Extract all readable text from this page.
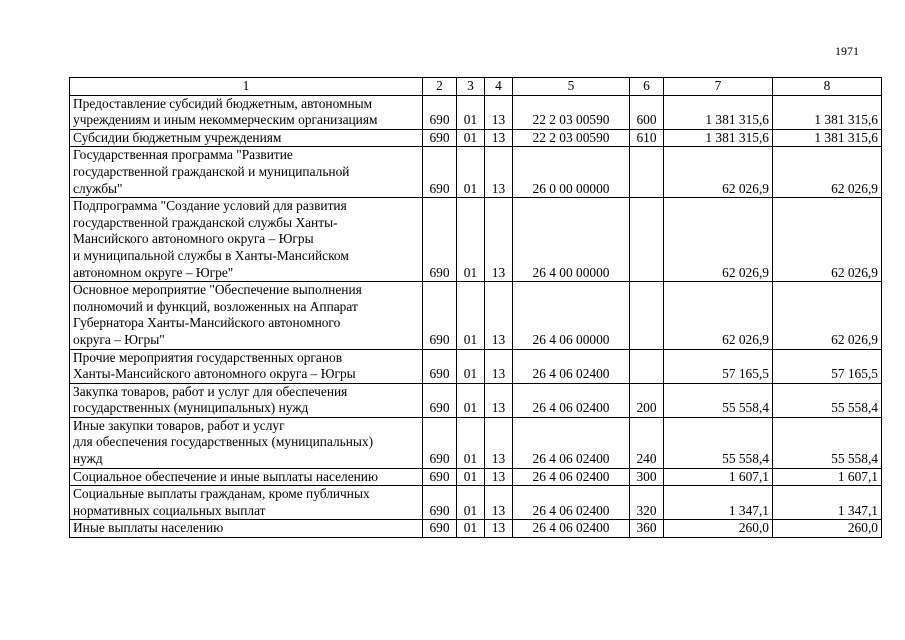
1971
1	2	3	4	5	6	7	8

Предоставление субсидий бюджетным, автономным
учреждениям и иным некоммерческим организациям	690	01	13	22 2 03 00590	600	1 381 315,6	1 381 315,6

Субсидии бюджетным учреждениям	690	01	13	22 2 03 00590	610	1 381 315,6	1 381 315,6

Государственная программа "Развитие
государственной гражданской и муниципальной
службы"	690	01	13	26 0 00 00000		62 026,9	62 026,9

Подпрограмма "Создание условий для развития
государственной гражданской службы Ханты-
Мансийского автономного округа – Югры
и муниципальной службы в Ханты-Мансийском
автономном округе – Югре"	690	01	13	26 4 00 00000		62 026,9	62 026,9

Основное мероприятие "Обеспечение выполнения
полномочий и функций, возложенных на Аппарат
Губернатора Ханты-Мансийского автономного
округа – Югры"	690	01	13	26 4 06 00000		62 026,9	62 026,9

Прочие мероприятия государственных органов
Ханты-Мансийского автономного округа – Югры	690	01	13	26 4 06 02400		57 165,5	57 165,5

Закупка товаров, работ и услуг для обеспечения
государственных (муниципальных) нужд	690	01	13	26 4 06 02400	200	55 558,4	55 558,4

Иные закупки товаров, работ и услуг
для обеспечения государственных (муниципальных)
нужд	690	01	13	26 4 06 02400	240	55 558,4	55 558,4

Социальное обеспечение и иные выплаты населению	690	01	13	26 4 06 02400	300	1 607,1	1 607,1

Социальные выплаты гражданам, кроме публичных
нормативных социальных выплат	690	01	13	26 4 06 02400	320	1 347,1	1 347,1

Иные выплаты населению	690	01	13	26 4 06 02400	360	260,0	260,0
